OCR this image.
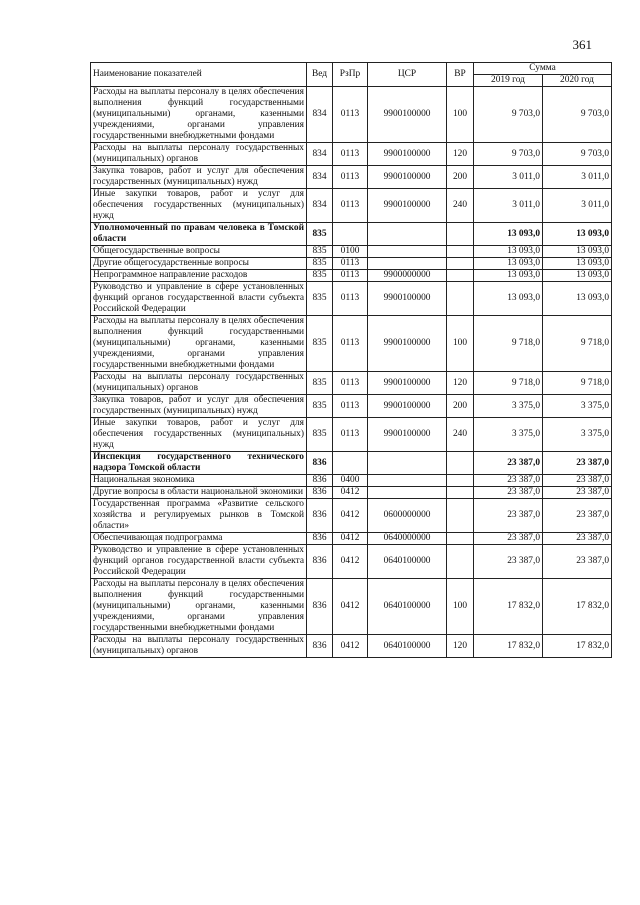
361
Наименование показателей	Вед	РзПр	ЦСР	ВР	Сумма	
					2019 год	2020 год
Расходы на выплаты персоналу в целях обеспечения выполнения функций государственными (муниципальными) органами, казенными учреждениями, органами управления государственными внебюджетными фондами	834	0113	9900100000	100	9 703,0	9 703,0
Расходы на выплаты персоналу государственных (муниципальных) органов	834	0113	9900100000	120	9 703,0	9 703,0
Закупка товаров, работ и услуг для обеспечения государственных (муниципальных) нужд	834	0113	9900100000	200	3 011,0	3 011,0
Иные закупки товаров, работ и услуг для обеспечения государственных (муниципальных) нужд	834	0113	9900100000	240	3 011,0	3 011,0
Уполномоченный по правам человека в Томской области	835				13 093,0	13 093,0
Общегосударственные вопросы	835	0100			13 093,0	13 093,0
Другие общегосударственные вопросы	835	0113			13 093,0	13 093,0
Непрограммное направление расходов	835	0113	9900000000		13 093,0	13 093,0
Руководство и управление в сфере установленных функций органов государственной власти субъекта Российской Федерации	835	0113	9900100000		13 093,0	13 093,0
Расходы на выплаты персоналу в целях обеспечения выполнения функций государственными (муниципальными) органами, казенными учреждениями, органами управления государственными внебюджетными фондами	835	0113	9900100000	100	9 718,0	9 718,0
Расходы на выплаты персоналу государственных (муниципальных) органов	835	0113	9900100000	120	9 718,0	9 718,0
Закупка товаров, работ и услуг для обеспечения государственных (муниципальных) нужд	835	0113	9900100000	200	3 375,0	3 375,0
Иные закупки товаров, работ и услуг для обеспечения государственных (муниципальных) нужд	835	0113	9900100000	240	3 375,0	3 375,0
Инспекция государственного технического надзора Томской области	836				23 387,0	23 387,0
Национальная экономика	836	0400			23 387,0	23 387,0
Другие вопросы в области национальной экономики	836	0412			23 387,0	23 387,0
Государственная программа «Развитие сельского хозяйства и регулируемых рынков в Томской области»	836	0412	0600000000		23 387,0	23 387,0
Обеспечивающая подпрограмма	836	0412	0640000000		23 387,0	23 387,0
Руководство и управление в сфере установленных функций органов государственной власти субъекта Российской Федерации	836	0412	0640100000		23 387,0	23 387,0
Расходы на выплаты персоналу в целях обеспечения выполнения функций государственными (муниципальными) органами, казенными учреждениями, органами управления государственными внебюджетными фондами	836	0412	0640100000	100	17 832,0	17 832,0
Расходы на выплаты персоналу государственных (муниципальных) органов	836	0412	0640100000	120	17 832,0	17 832,0
